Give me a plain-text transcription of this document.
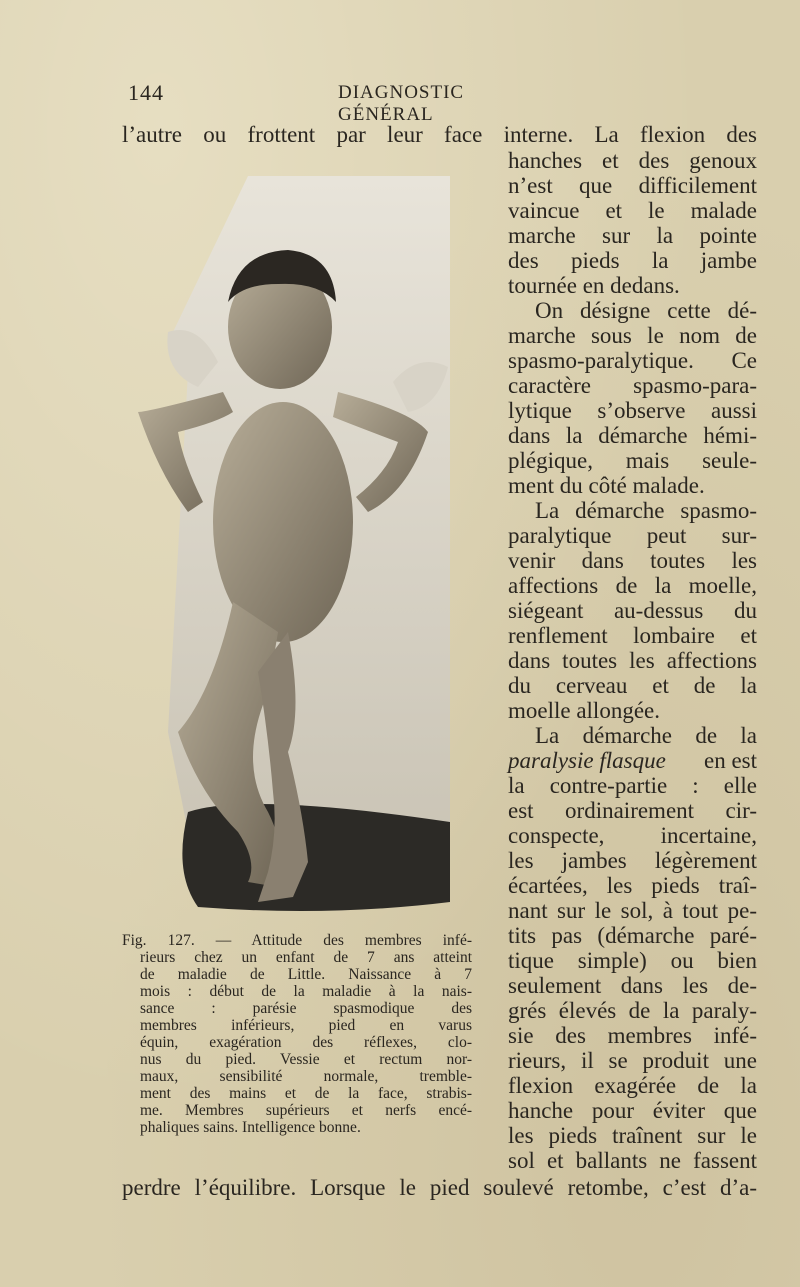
144	DIAGNOSTIC GÉNÉRAL
l’autre ou frottent par leur face interne. La flexion des
hanches et des genoux
n’est que difficilement
vaincue et le malade
marche sur la pointe
des pieds la jambe
tournée en dedans.
On désigne cette dé-
marche sous le nom de
spasmo-paralytique. Ce
caractère spasmo-para-
lytique s’observe aussi
dans la démarche hémi-
plégique, mais seule-
ment du côté malade.
La démarche spasmo-
paralytique peut sur-
venir dans toutes les
affections de la moelle,
siégeant au-dessus du
renflement lombaire et
dans toutes les affections
du cerveau et de la
moelle allongée.
La démarche de la
paralysie flasque en est
la contre-partie : elle
est ordinairement cir-
conspecte, incertaine,
les jambes légèrement
écartées, les pieds traî-
nant sur le sol, à tout pe-
tits pas (démarche paré-
tique simple) ou bien
seulement dans les de-
grés élevés de la paraly-
sie des membres infé-
rieurs, il se produit une
flexion exagérée de la
hanche pour éviter que
les pieds traînent sur le
sol et ballants ne fassent
perdre l’équilibre. Lorsque le pied soulevé retombe, c’est d’a-
Fig. 127. — Attitude des membres infé-
rieurs chez un enfant de 7 ans atteint
de maladie de Little. Naissance à 7
mois : début de la maladie à la nais-
sance : parésie spasmodique des
membres inférieurs, pied en varus
équin, exagération des réflexes, clo-
nus du pied. Vessie et rectum nor-
maux, sensibilité normale, tremble-
ment des mains et de la face, strabis-
me. Membres supérieurs et nerfs encé-
phaliques sains. Intelligence bonne.
